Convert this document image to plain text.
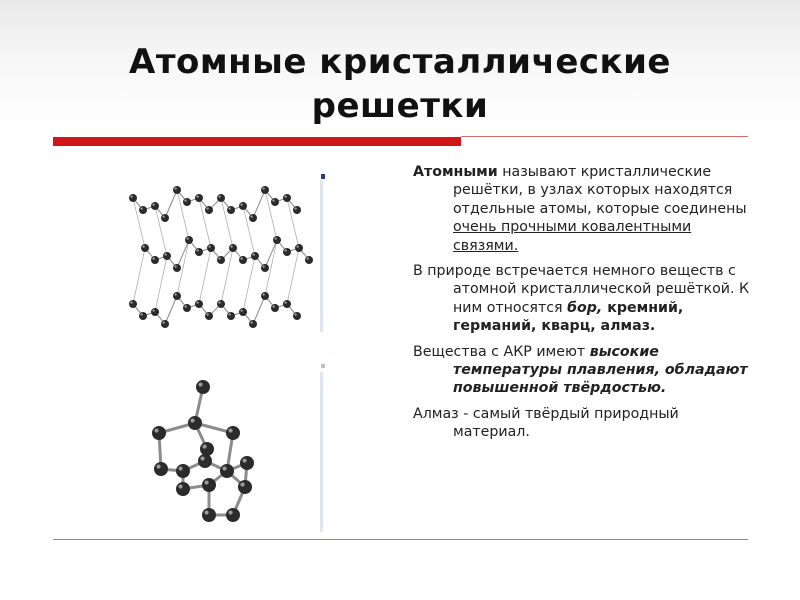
Атомные кристаллические решетки

Атомными называют кристаллические решётки, в узлах которых находятся отдельные атомы, которые соединены очень прочными ковалентными связями.

В природе встречается немного веществ с атомной кристаллической решёткой. К ним относятся бор, кремний, германий, кварц, алмаз.

Вещества с АКР имеют высокие температуры плавления, обладают повышенной твёрдостью.

Алмаз - самый твёрдый природный материал.
